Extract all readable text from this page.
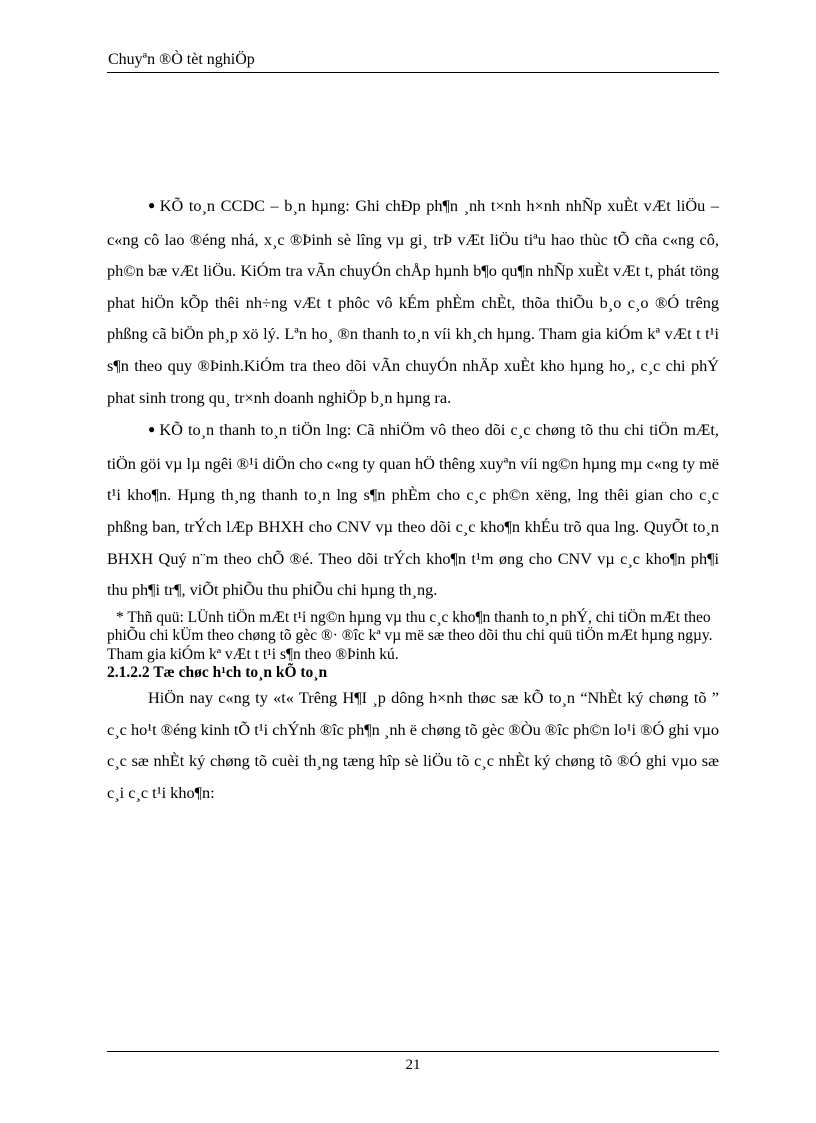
Chuyªn ®Ò tèt nghiÖp

● KÕ to¸n CCDC – b¸n hµng: Ghi chÐp ph¶n ¸nh t×nh h×nh nhÑp xuÈt vÆt liÖu –c«ng cô lao ®éng nhá, x¸c ®Þinh sè lîng vµ gi¸ trÞ vÆt liÖu tiªu hao thùc tÕ cña c«ng cô, ph©n bæ vÆt liÖu. KiÓm tra vÃn chuyÓn chÅp hµnh b¶o qu¶n nhÑp xuÈt vÆt t, phát töng phat hiÖn kÕp thêi nh÷ng vÆt t phôc vô kÉm phÈm chÈt, thõa thiÕu b¸o c¸o ®Ó trêng phßng cã biÖn ph¸p xö lý. Lªn ho¸ ®n thanh to¸n víi kh¸ch hµng. Tham gia kiÓm kª vÆt t t¹i s¶n theo quy ®Þinh.KiÓm tra theo dõi vÃn chuyÓn nhÄp xuÈt kho hµng ho¸, c¸c chi phÝ phat sinh trong qu¸ tr×nh doanh nghiÖp b¸n hµng ra.

● KÕ to¸n thanh to¸n tiÖn lng: Cã nhiÖm vô theo dõi c¸c chøng tõ thu chi tiÖn mÆt, tiÖn göi vµ lµ ngêi ®¹i diÖn cho c«ng ty quan hÖ thêng xuyªn víi ng©n hµng mµ c«ng ty më t¹i kho¶n. Hµng th¸ng thanh to¸n lng s¶n phÈm cho c¸c ph©n xëng, lng thêi gian cho c¸c phßng ban, trÝch lÆp BHXH cho CNV vµ theo dõi c¸c kho¶n khÉu trõ qua lng. QuyÕt to¸n BHXH Quý n¨m theo chÕ ®é. Theo dõi trÝch kho¶n t¹m øng cho CNV vµ c¸c kho¶n ph¶i thu ph¶i tr¶, viÕt phiÕu thu phiÕu chi hµng th¸ng.

* Thñ quü: LÜnh tiÖn mÆt t¹i ng©n hµng vµ thu c¸c kho¶n thanh to¸n phÝ, chi tiÖn mÆt theo phiÕu chi kÜm theo chøng tõ gèc ®· ®îc kª vµ më sæ theo dõi thu chi quü tiÖn mÆt hµng ngµy. Tham gia kiÓm kª vÆt t t¹i s¶n theo ®Þinh kú.

2.1.2.2 Tæ chøc h¹ch to¸n kÕ to¸n

HiÖn nay c«ng ty «t« Trêng H¶I ¸p dông h×nh thøc sæ kÕ to¸n “NhÈt ký chøng tõ ” c¸c ho¹t ®éng kinh tÕ t¹i chÝnh ®îc ph¶n ¸nh ë chøng tõ gèc ®Òu ®îc ph©n lo¹i ®Ó ghi vµo c¸c sæ nhÈt ký chøng tõ cuèi th¸ng tæng hîp sè liÖu tõ c¸c nhÈt ký chøng tõ ®Ó ghi vµo sæ c¸i c¸c t¹i kho¶n:

21
